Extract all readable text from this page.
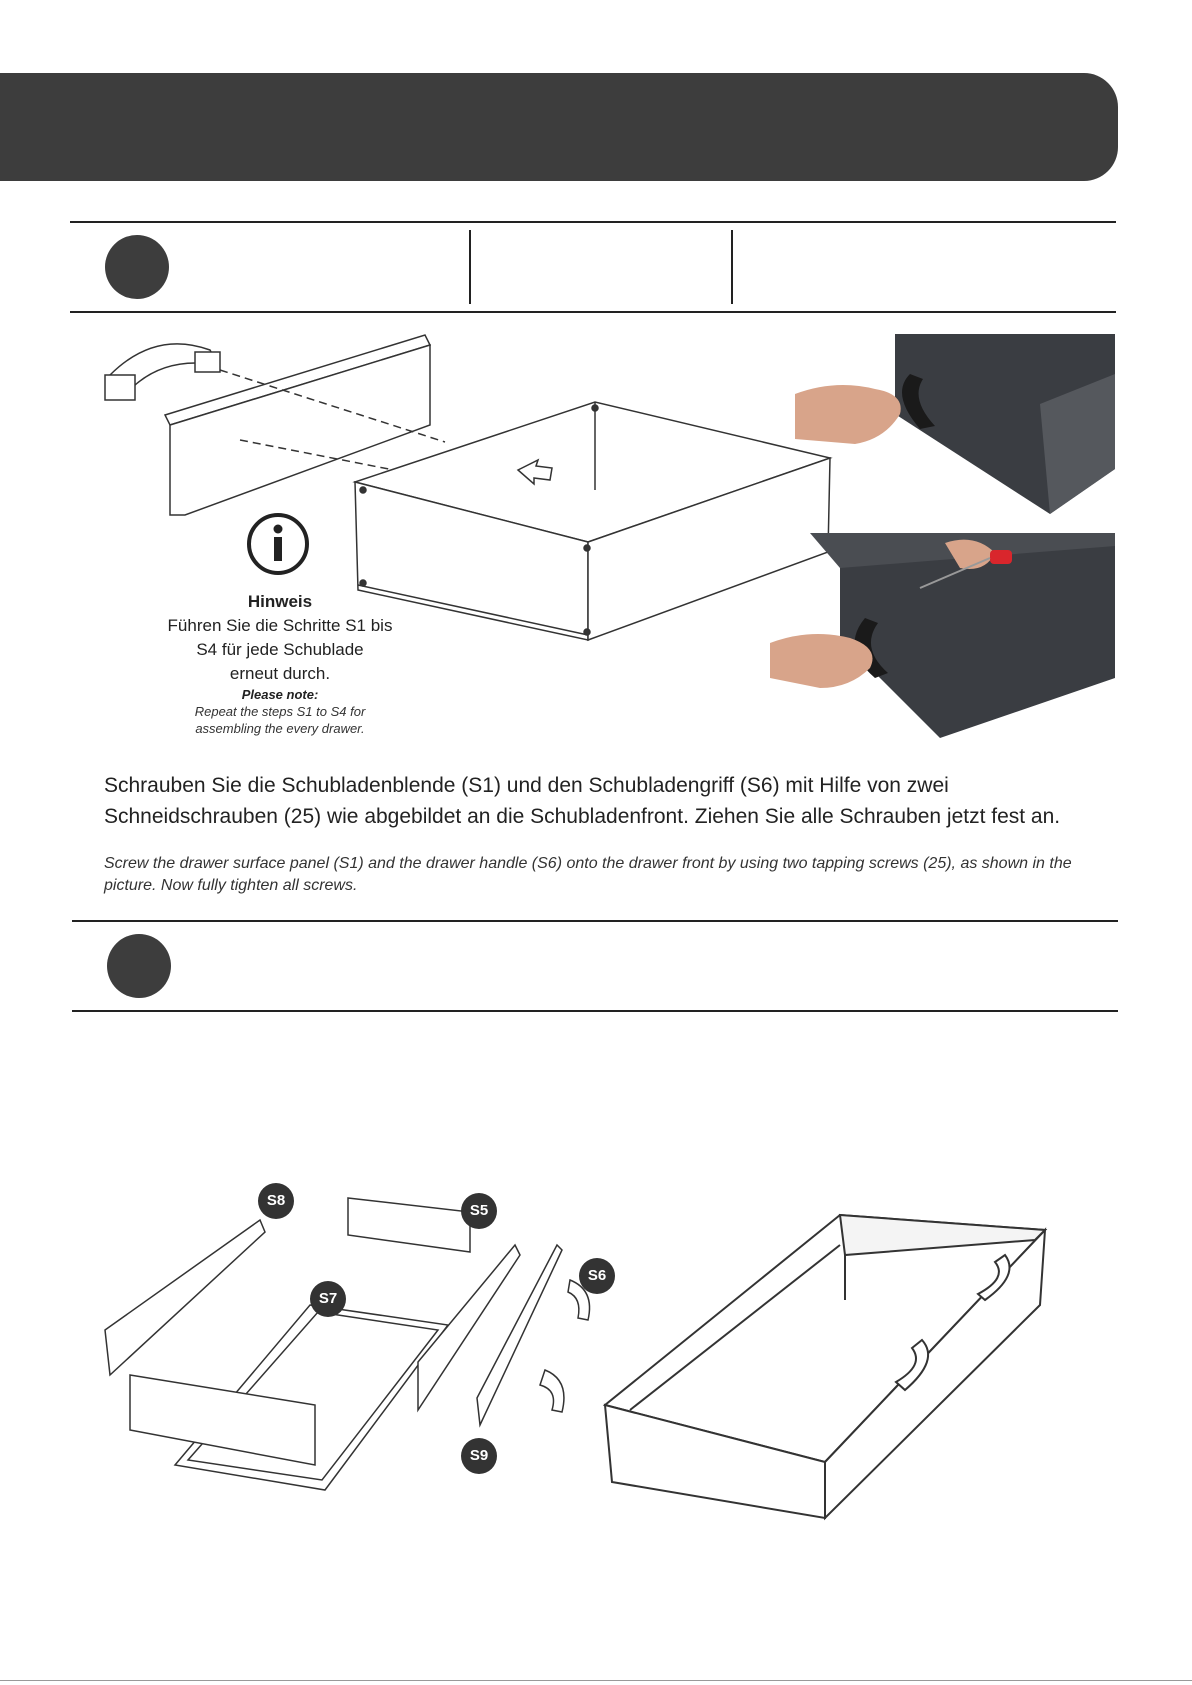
Hinweis
Führen Sie die Schritte S1 bis
S4 für jede Schublade
erneut durch.
Please note:
Repeat the steps S1 to S4 for
assembling the every drawer.
Schrauben Sie die Schubladenblende (S1) und den Schubladengriff (S6) mit Hilfe von zwei Schneidschrauben (25) wie abgebildet an die Schubladenfront. Ziehen Sie alle Schrauben jetzt fest an.
Screw the drawer surface panel (S1) and the drawer handle (S6) onto the drawer front by using two tapping screws (25), as shown in the picture. Now fully tighten all screws.
S8
S5
S7
S6
S9
